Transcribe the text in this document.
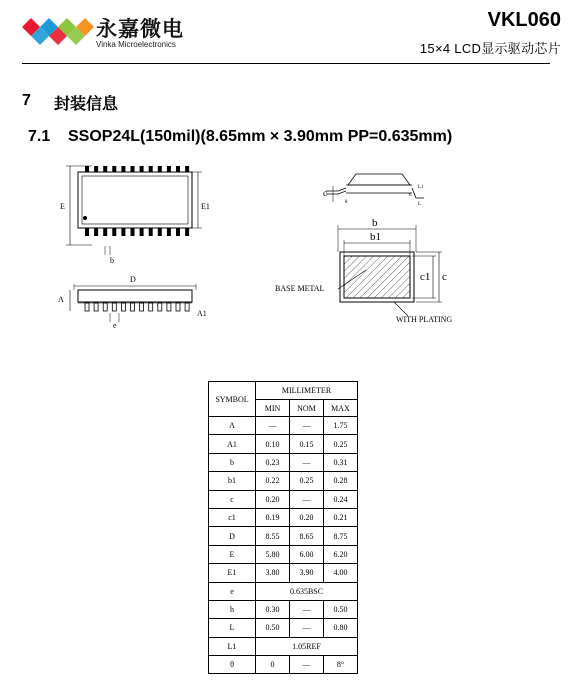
永嘉微电
Vinka Microelectronics
VKL060
15×4 LCD显示驱动芯片
7 封装信息
7.1 SSOP24L(150mil)(8.65mm × 3.90mm PP=0.635mm)
E	E1
b
D
A
A1
e
c
L1
L
θ
h
b
b1
c1 c
BASE METAL
WITH PLATING
SYMBOL	MILLIMETER		
	MIN	NOM	MAX
A	—	—	1.75
A1	0.10	0.15	0.25
b	0.23	—	0.31
b1	0.22	0.25	0.28
c	0.20	—	0.24
c1	0.19	0.20	0.21
D	8.55	8.65	8.75
E	5.80	6.00	6.20
E1	3.80	3.90	4.00
e	0.635BSC		
h	0.30	—	0.50
L	0.50	—	0.80
L1	1.05REF		
θ	0	—	8°
